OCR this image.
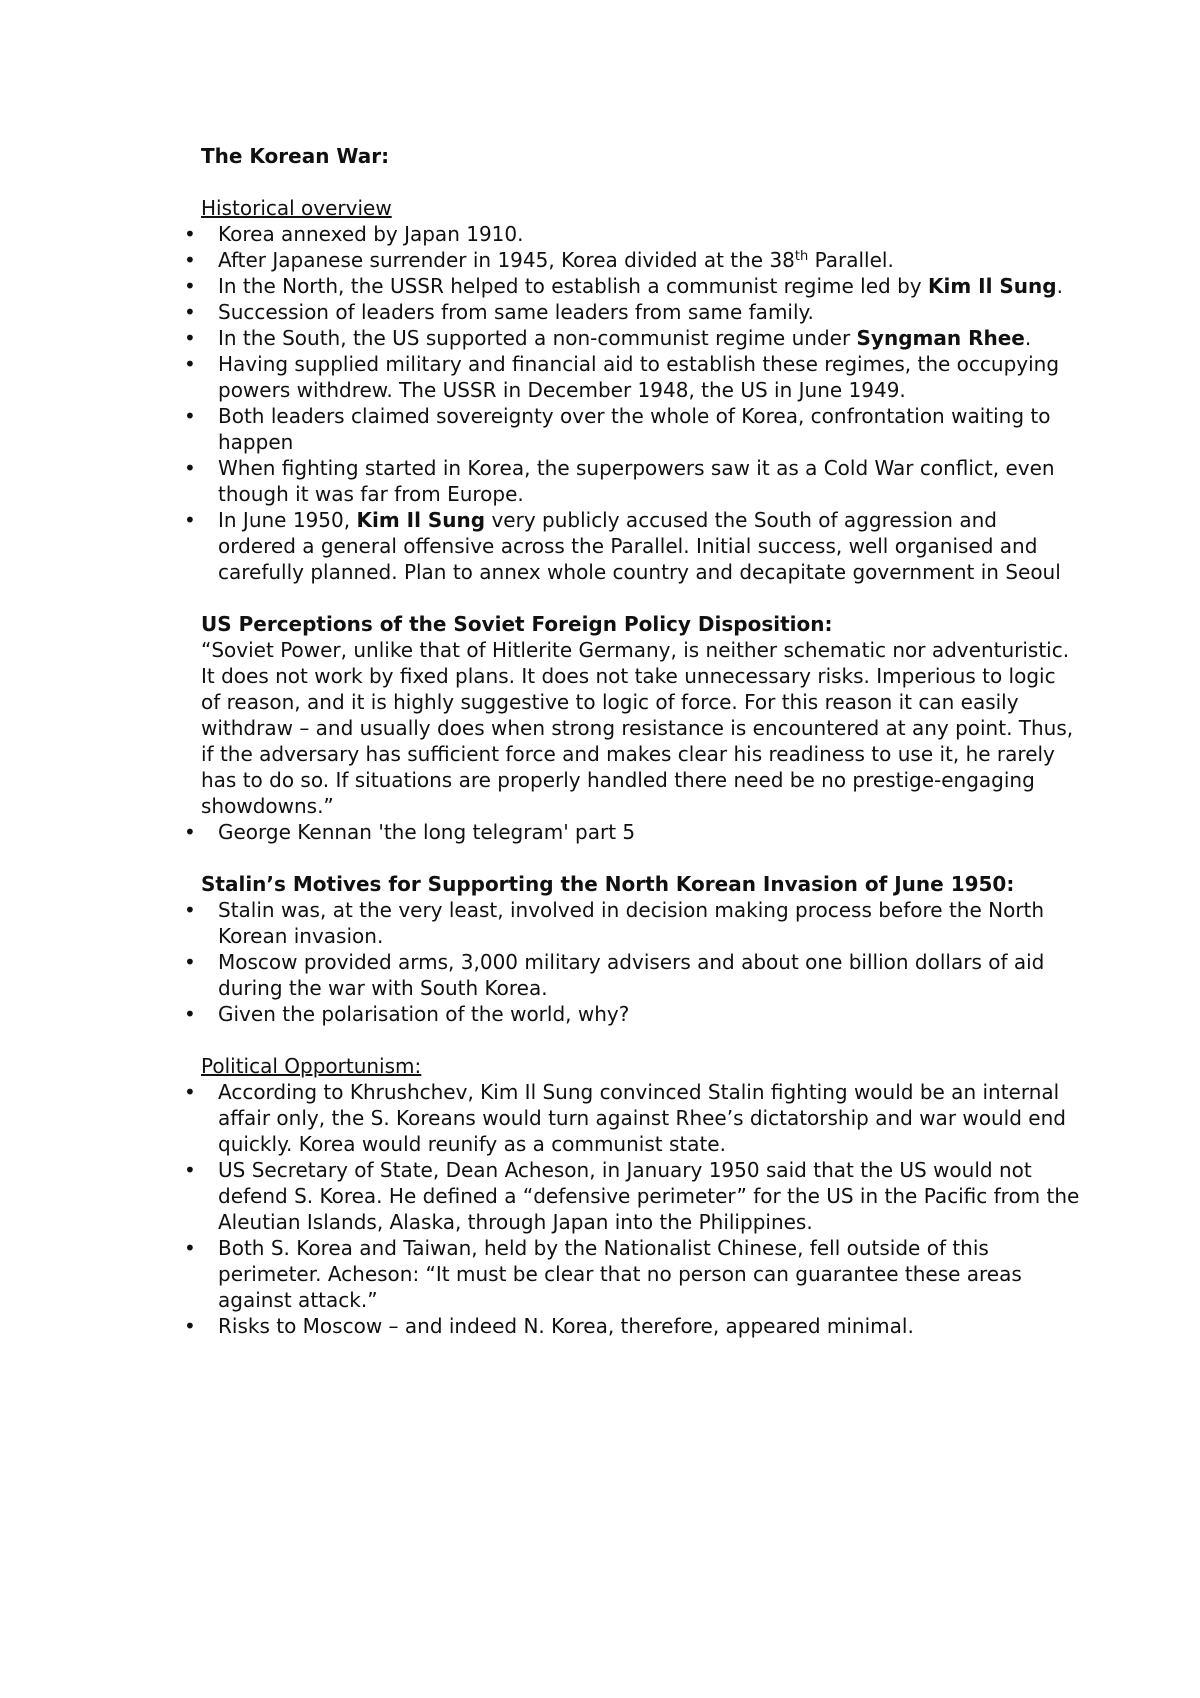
The Korean War:

Historical overview
• Korea annexed by Japan 1910.
• After Japanese surrender in 1945, Korea divided at the 38th Parallel.
• In the North, the USSR helped to establish a communist regime led by Kim Il Sung.
• Succession of leaders from same leaders from same family.
• In the South, the US supported a non-communist regime under Syngman Rhee.
• Having supplied military and financial aid to establish these regimes, the occupying powers withdrew. The USSR in December 1948, the US in June 1949.
• Both leaders claimed sovereignty over the whole of Korea, confrontation waiting to happen
• When fighting started in Korea, the superpowers saw it as a Cold War conflict, even though it was far from Europe.
• In June 1950, Kim Il Sung very publicly accused the South of aggression and ordered a general offensive across the Parallel. Initial success, well organised and carefully planned. Plan to annex whole country and decapitate government in Seoul
US Perceptions of the Soviet Foreign Policy Disposition:

“Soviet Power, unlike that of Hitlerite Germany, is neither schematic nor adventuristic. It does not work by fixed plans. It does not take unnecessary risks. Imperious to logic of reason, and it is highly suggestive to logic of force. For this reason it can easily withdraw – and usually does when strong resistance is encountered at any point. Thus, if the adversary has sufficient force and makes clear his readiness to use it, he rarely has to do so. If situations are properly handled there need be no prestige-engaging showdowns.”

• George Kennan 'the long telegram' part 5
Stalin’s Motives for Supporting the North Korean Invasion of June 1950:
• Stalin was, at the very least, involved in decision making process before the North Korean invasion.
• Moscow provided arms, 3,000 military advisers and about one billion dollars of aid during the war with South Korea.
• Given the polarisation of the world, why?
Political Opportunism:
• According to Khrushchev, Kim Il Sung convinced Stalin fighting would be an internal affair only, the S. Koreans would turn against Rhee’s dictatorship and war would end quickly. Korea would reunify as a communist state.
• US Secretary of State, Dean Acheson, in January 1950 said that the US would not defend S. Korea. He defined a “defensive perimeter” for the US in the Pacific from the Aleutian Islands, Alaska, through Japan into the Philippines.
• Both S. Korea and Taiwan, held by the Nationalist Chinese, fell outside of this perimeter. Acheson: “It must be clear that no person can guarantee these areas against attack.”
• Risks to Moscow – and indeed N. Korea, therefore, appeared minimal.
